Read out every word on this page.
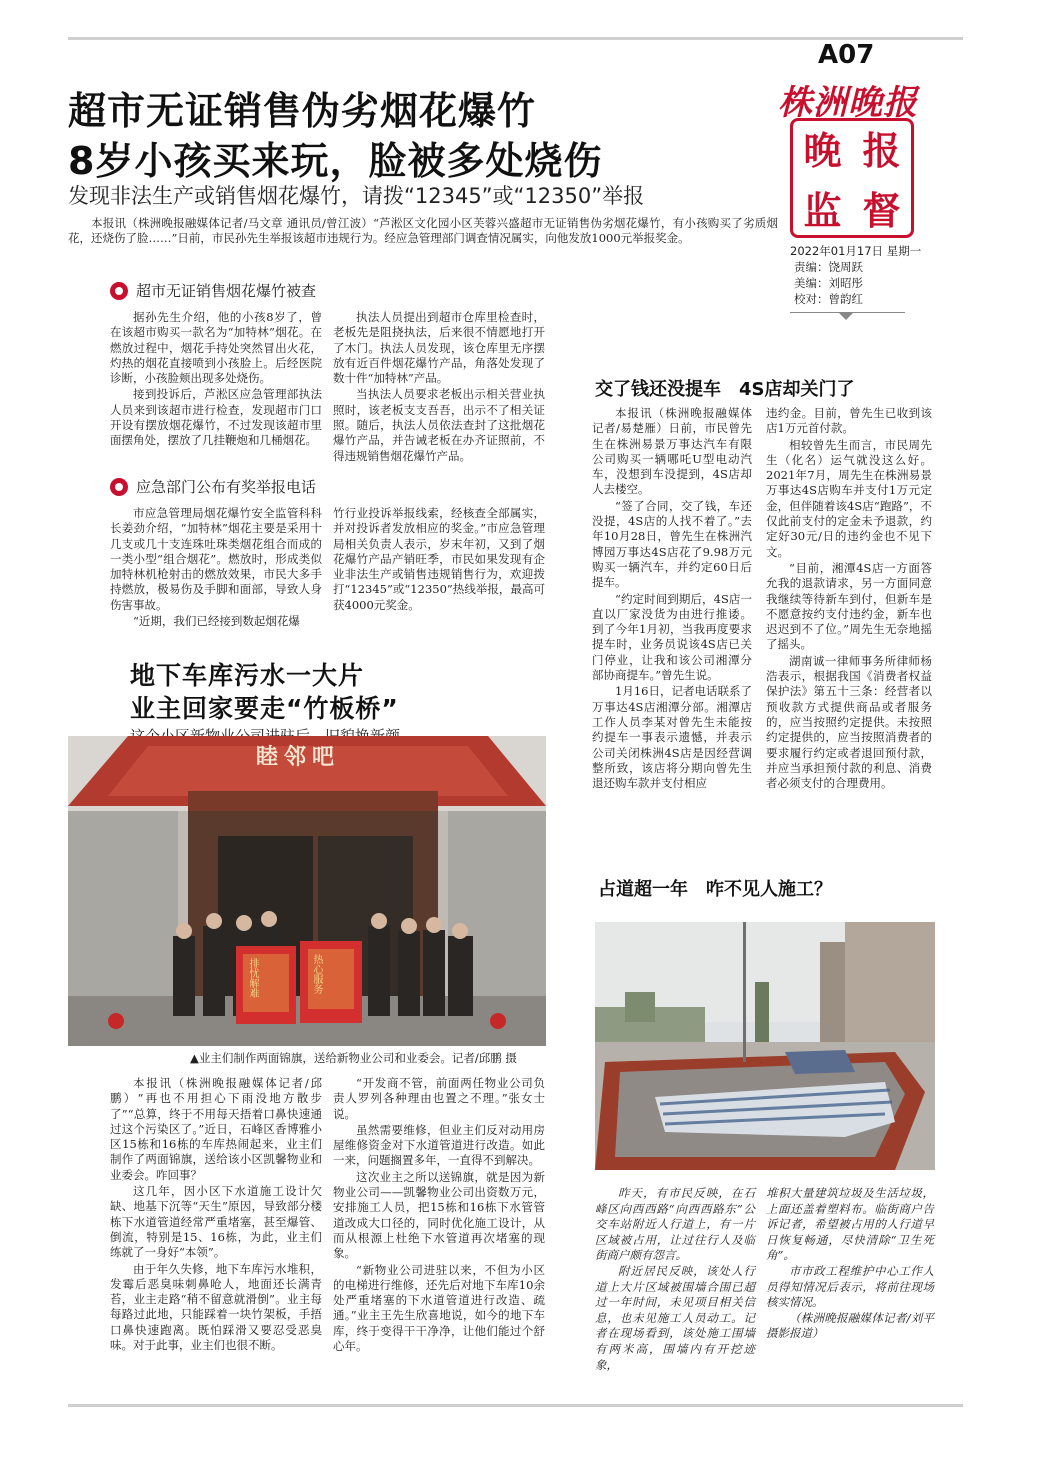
A07
株洲晚报
晚 报
监 督
2022年01月17日 星期一
责编：饶周跃
美编：刘昭彤
校对：曾韵红
超市无证销售伪劣烟花爆竹
8岁小孩买来玩，脸被多处烧伤
发现非法生产或销售烟花爆竹，请拨“12345”或“12350”举报

本报讯（株洲晚报融媒体记者/马文章 通讯员/曾江波）“芦淞区文化园小区芙蓉兴盛超市无证销售伪劣烟花爆竹，有小孩购买了劣质烟花，还烧伤了脸……”日前，市民孙先生举报该超市违规行为。经应急管理部门调查情况属实，向他发放1000元举报奖金。

超市无证销售烟花爆竹被查

据孙先生介绍，他的小孩8岁了，曾在该超市购买一款名为“加特林”烟花。在燃放过程中，烟花手持处突然冒出火花，灼热的烟花直接喷到小孩脸上。后经医院诊断，小孩脸颊出现多处烧伤。

接到投诉后，芦淞区应急管理部执法人员来到该超市进行检查，发现超市门口开设有摆放烟花爆竹，不过发现该超市里面摆角处，摆放了几挂鞭炮和几桶烟花。

执法人员提出到超市仓库里检查时，老板先是阻挠执法，后来很不情愿地打开了木门。执法人员发现，该仓库里无序摆放有近百件烟花爆竹产品，角落处发现了数十件“加特林”产品。

当执法人员要求老板出示相关营业执照时，该老板支支吾吾，出示不了相关证照。随后，执法人员依法查封了这批烟花爆竹产品，并告诫老板在办齐证照前，不得违规销售烟花爆竹产品。

应急部门公布有奖举报电话

市应急管理局烟花爆竹安全监管科科长姜劲介绍，“加特林”烟花主要是采用十几支或几十支连珠吐珠类烟花组合而成的一类小型“组合烟花”。燃放时，形成类似加特林机枪射击的燃放效果，市民大多手持燃放，极易伤及手脚和面部，导致人身伤害事故。

“近期，我们已经接到数起烟花爆

竹行业投诉举报线索，经核查全部属实，并对投诉者发放相应的奖金。”市应急管理局相关负责人表示，岁末年初，又到了烟花爆竹产品产销旺季，市民如果发现有企业非法生产或销售违规销售行为，欢迎拨打“12345”或“12350”热线举报，最高可获4000元奖金。

地下车库污水一大片
业主回家要走“竹板桥”
睦邻吧
排忧解难	热心服务
▲业主们制作两面锦旗，送给新物业公司和业委会。记者/邱鹏 摄

本报讯（株洲晚报融媒体记者/邱鹏）“再也不用担心下雨没地方散步了”“总算，终于不用每天捂着口鼻快速通过这个污染区了。”近日，石峰区香博雅小区15栋和16栋的车库热闹起来，业主们制作了两面锦旗，送给该小区凯馨物业和业委会。咋回事？

这几年，因小区下水道施工设计欠缺、地基下沉等“天生”原因，导致部分楼栋下水道管道经常严重堵塞，甚至爆管、倒流，特别是15、16栋，为此，业主们练就了一身好“本领”。

由于年久失修，地下车库污水堆积，发霉后恶臭味刺鼻呛人，地面还长满青苔，业主走路“稍不留意就滑倒”。业主每每路过此地，只能踩着一块竹架板，手捂口鼻快速跑离。既怕踩滑又要忍受恶臭味。对于此事，业主们也很不断。

“开发商不管，前面两任物业公司负责人罗列各种理由也置之不理。”张女士说。

虽然需要维修，但业主们反对动用房屋维修资金对下水道管道进行改造。如此一来，问题搁置多年，一直得不到解决。

这次业主之所以送锦旗，就是因为新物业公司——凯馨物业公司出资数万元，安排施工人员，把15栋和16栋下水管管道改成大口径的，同时优化施工设计，从而从根源上杜绝下水管道再次堵塞的现象。

“新物业公司进驻以来，不但为小区的电梯进行维修，还先后对地下车库10余处严重堵塞的下水道管道进行改造、疏通。”业主王先生欣喜地说，如今的地下车库，终于变得干干净净，让他们能过个舒心年。

交了钱还没提车　4S店却关门了

本报讯（株洲晚报融媒体记者/易楚雁）日前，市民曾先生在株洲易景万事达汽车有限公司购买一辆哪吒U型电动汽车，没想到车没提到，4S店却人去楼空。

“签了合同，交了钱，车还没提，4S店的人找不着了。”去年10月28日，曾先生在株洲汽博园万事达4S店花了9.98万元购买一辆汽车，并约定60日后提车。

“约定时间到期后，4S店一直以厂家没货为由进行推诿。到了今年1月初，当我再度要求提车时，业务员说该4S店已关门停业，让我和该公司湘潭分部协商提车。”曾先生说。

1月16日，记者电话联系了万事达4S店湘潭分部。湘潭店工作人员李某对曾先生未能按约提车一事表示遗憾，并表示公司关闭株洲4S店是因经营调整所致，该店将分期向曾先生退还购车款并支付相应

违约金。目前，曾先生已收到该店1万元首付款。

相较曾先生而言，市民周先生（化名）运气就没这么好。2021年7月，周先生在株洲易景万事达4S店购车并支付1万元定金，但伴随着该4S店“跑路”，不仅此前支付的定金未予退款，约定好30元/日的违约金也不见下文。

“目前，湘潭4S店一方面答允我的退款请求，另一方面同意我继续等待新车到付，但新车是不愿意按约支付违约金，新车也迟迟到不了位。”周先生无奈地摇了摇头。

湖南诚一律师事务所律师杨浩表示，根据我国《消费者权益保护法》第五十三条：经营者以预收款方式提供商品或者服务的，应当按照约定提供。未按照约定提供的，应当按照消费者的要求履行约定或者退回预付款，并应当承担预付款的利息、消费者必须支付的合理费用。

占道超一年　咋不见人施工？

昨天，有市民反映，在石峰区向西西路“向西西路东”公交车站附近人行道上，有一片区域被占用，让过往行人及临街商户颇有怨言。

附近居民反映，该处人行道上大片区域被围墙合围已超过一年时间，未见项目相关信息，也未见施工人员动工。记者在现场看到，该处施工围墙有两米高，围墙内有开挖迹象，

堆积大量建筑垃圾及生活垃圾，上面还盖着塑料布。临街商户告诉记者，希望被占用的人行道早日恢复畅通，尽快清除“卫生死角”。

市市政工程维护中心工作人员得知情况后表示，将前往现场核实情况。

（株洲晚报融媒体记者/刘平 摄影报道）
